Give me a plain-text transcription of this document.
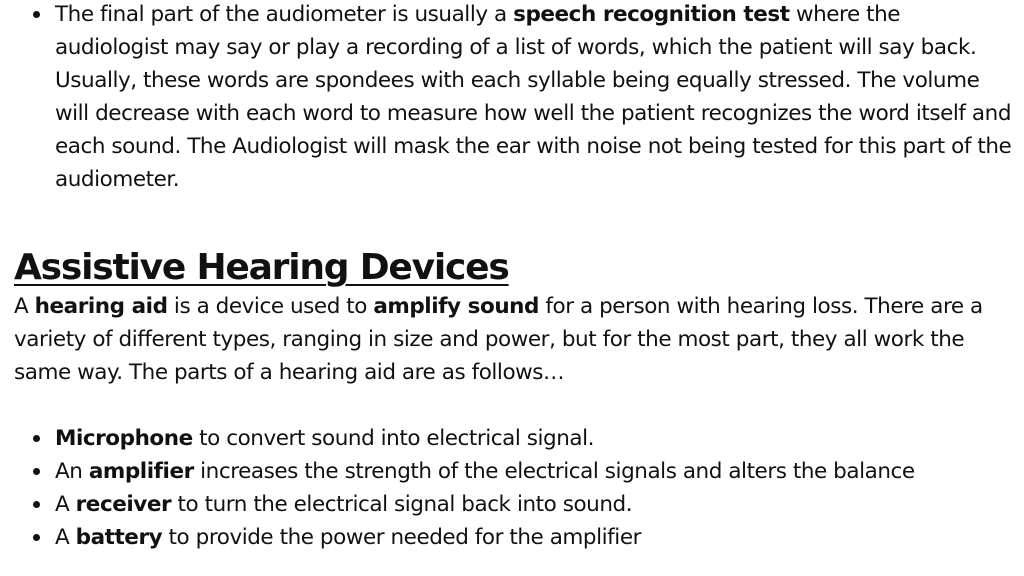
The final part of the audiometer is usually a speech recognition test where the audiologist may say or play a recording of a list of words, which the patient will say back. Usually, these words are spondees with each syllable being equally stressed. The volume will decrease with each word to measure how well the patient recognizes the word itself and each sound. The Audiologist will mask the ear with noise not being tested for this part of the audiometer.
Assistive Hearing Devices

A hearing aid is a device used to amplify sound for a person with hearing loss. There are a variety of different types, ranging in size and power, but for the most part, they all work the same way. The parts of a hearing aid are as follows…

Microphone to convert sound into electrical signal.
An amplifier increases the strength of the electrical signals and alters the balance
A receiver to turn the electrical signal back into sound.
A battery to provide the power needed for the amplifier
